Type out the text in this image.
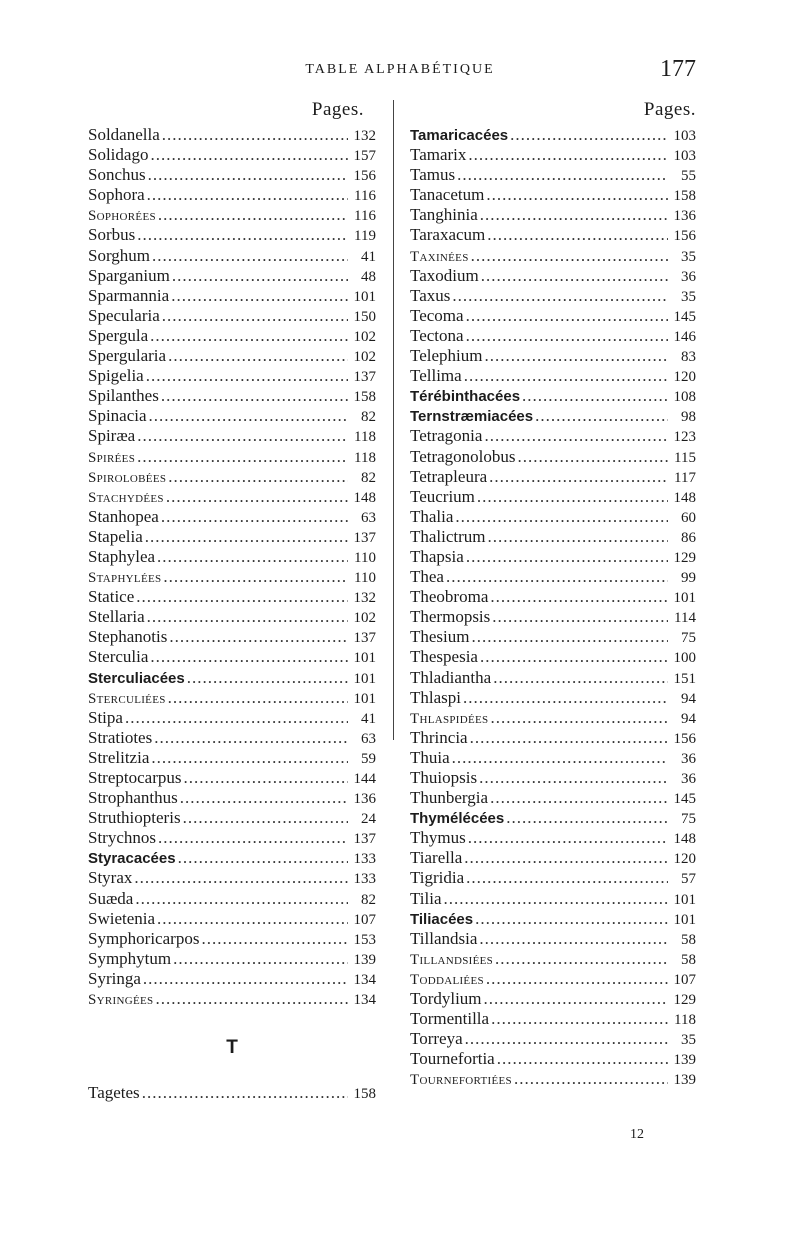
TABLE ALPHABÉTIQUE	177
Pages.
Soldanella .....	132
Solidago .....	157
Sonchus .....	156
Sophora .....	116
Sophorées .....	116
Sorbus .....	119
Sorghum .....	41
Sparganium .....	48
Sparmannia .....	101
Specularia .....	150
Spergula .....	102
Spergularia .....	102
Spigelia .....	137
Spilanthes .....	158
Spinacia .....	82
Spiræa .....	118
Spirées .....	118
Spirolobées .....	82
Stachydées .....	148
Stanhopea .....	63
Stapelia .....	137
Staphylea .....	110
Staphylées .....	110
Statice .....	132
Stellaria .....	102
Stephanotis .....	137
Sterculia .....	101
Sterculiacées .....	101
Sterculiées .....	101
Stipa .....	41
Stratiotes .....	63
Strelitzia .....	59
Streptocarpus .....	144
Strophanthus .....	136
Struthiopteris .....	24
Strychnos .....	137
Styracacées .....	133
Styrax .....	133
Suæda .....	82
Swietenia .....	107
Symphoricarpos .....	153
Symphytum .....	139
Syringa .....	134
Syringées .....	134
T
Tagetes .....	158
Pages.
Tamaricacées .....	103
Tamarix .....	103
Tamus .....	55
Tanacetum .....	158
Tanghinia .....	136
Taraxacum .....	156
Taxinées .....	35
Taxodium .....	36
Taxus .....	35
Tecoma .....	145
Tectona .....	146
Telephium .....	83
Tellima .....	120
Térébinthacées .....	108
Ternstræmiacées .....	98
Tetragonia .....	123
Tetragonolobus .....	115
Tetrapleura .....	117
Teucrium .....	148
Thalia .....	60
Thalictrum .....	86
Thapsia .....	129
Thea .....	99
Theobroma .....	101
Thermopsis .....	114
Thesium .....	75
Thespesia .....	100
Thladiantha .....	151
Thlaspi .....	94
Thlaspidées .....	94
Thrincia .....	156
Thuia .....	36
Thuiopsis .....	36
Thunbergia .....	145
Thymélécées .....	75
Thymus .....	148
Tiarella .....	120
Tigridia .....	57
Tilia .....	101
Tiliacées .....	101
Tillandsia .....	58
Tillandsiées .....	58
Toddaliées .....	107
Tordylium .....	129
Tormentilla .....	118
Torreya .....	35
Tournefortia .....	139
Tournefortiées .....	139
12
